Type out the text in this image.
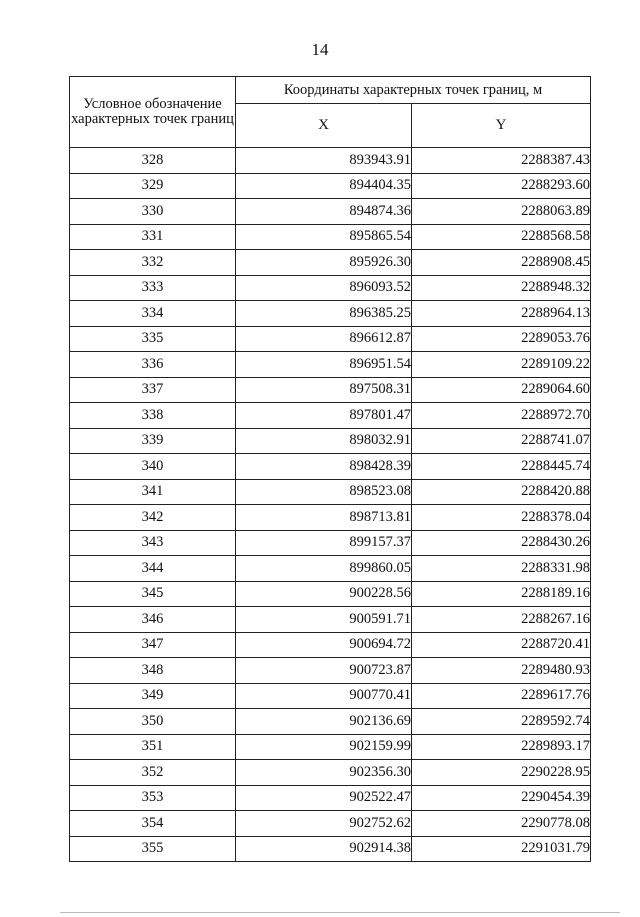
14
Условное обозначение характерных точек границ	Координаты характерных точек границ, м	
	X	Y
328	893943.91	2288387.43
329	894404.35	2288293.60
330	894874.36	2288063.89
331	895865.54	2288568.58
332	895926.30	2288908.45
333	896093.52	2288948.32
334	896385.25	2288964.13
335	896612.87	2289053.76
336	896951.54	2289109.22
337	897508.31	2289064.60
338	897801.47	2288972.70
339	898032.91	2288741.07
340	898428.39	2288445.74
341	898523.08	2288420.88
342	898713.81	2288378.04
343	899157.37	2288430.26
344	899860.05	2288331.98
345	900228.56	2288189.16
346	900591.71	2288267.16
347	900694.72	2288720.41
348	900723.87	2289480.93
349	900770.41	2289617.76
350	902136.69	2289592.74
351	902159.99	2289893.17
352	902356.30	2290228.95
353	902522.47	2290454.39
354	902752.62	2290778.08
355	902914.38	2291031.79
